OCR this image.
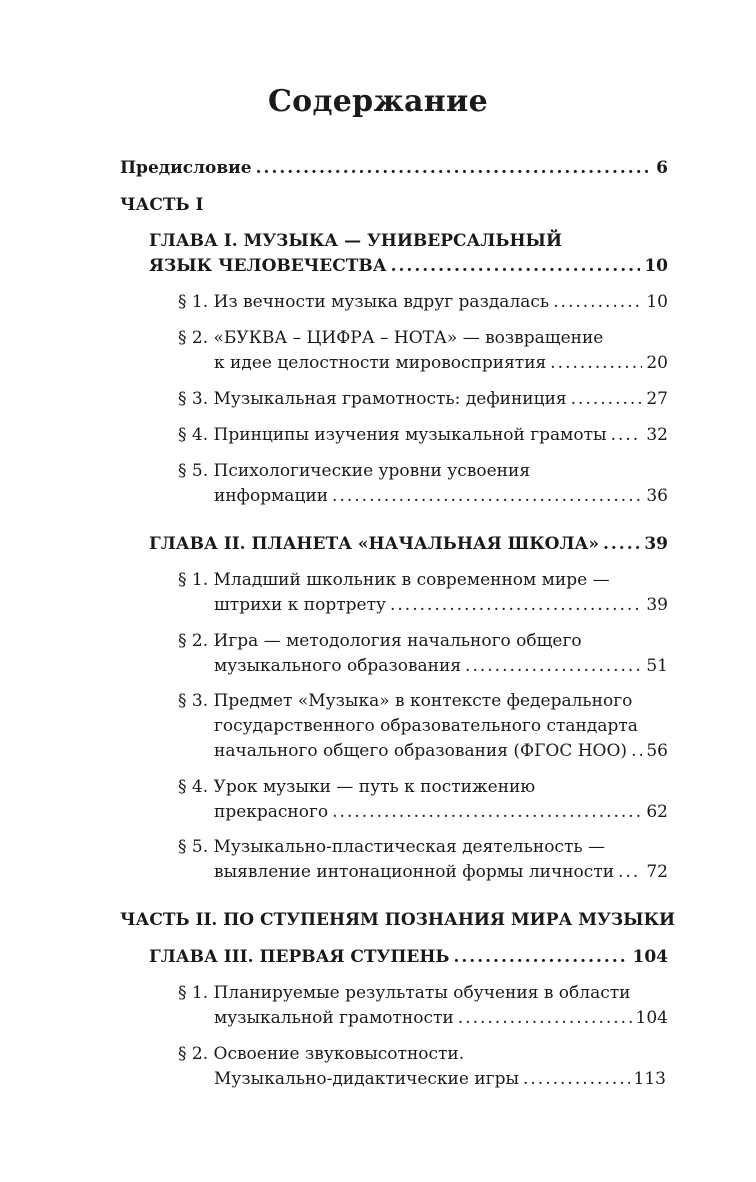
Содержание
Предисловие .....	6
ЧАСТЬ I
ГЛАВА I. МУЗЫКА — УНИВЕРСАЛЬНЫЙ
ЯЗЫК ЧЕЛОВЕЧЕСТВА .....	10
§ 1. Из вечности музыка вдруг раздалась .....	10
§ 2. «БУКВА – ЦИФРА – НОТА» — возвращение
к идее целостности мировосприятия .....	20
§ 3. Музыкальная грамотность: дефиниция .....	27
§ 4. Принципы изучения музыкальной грамоты ..... 32
§ 5. Психологические уровни усвоения
информации .....	36
ГЛАВА II. ПЛАНЕТА «НАЧАЛЬНАЯ ШКОЛА» .....	39
§ 1. Младший школьник в современном мире —
штрихи к портрету .....	39
§ 2. Игра — методология начального общего
музыкального образования .....	51
§ 3. Предмет «Музыка» в контексте федерального
государственного образовательного стандарта
начального общего образования (ФГОС НОО) ..... 56
§ 4. Урок музыки — путь к постижению
прекрасного .....	62
§ 5. Музыкально-пластическая деятельность —
выявление интонационной формы личности ..... 72
ЧАСТЬ II. ПО СТУПЕНЯМ ПОЗНАНИЯ МИРА МУЗЫКИ
ГЛАВА III. ПЕРВАЯ СТУПЕНЬ .....	104
§ 1. Планируемые результаты обучения в области
музыкальной грамотности .....	104
§ 2. Освоение звуковысотности.
Музыкально-дидактические игры .....	113
